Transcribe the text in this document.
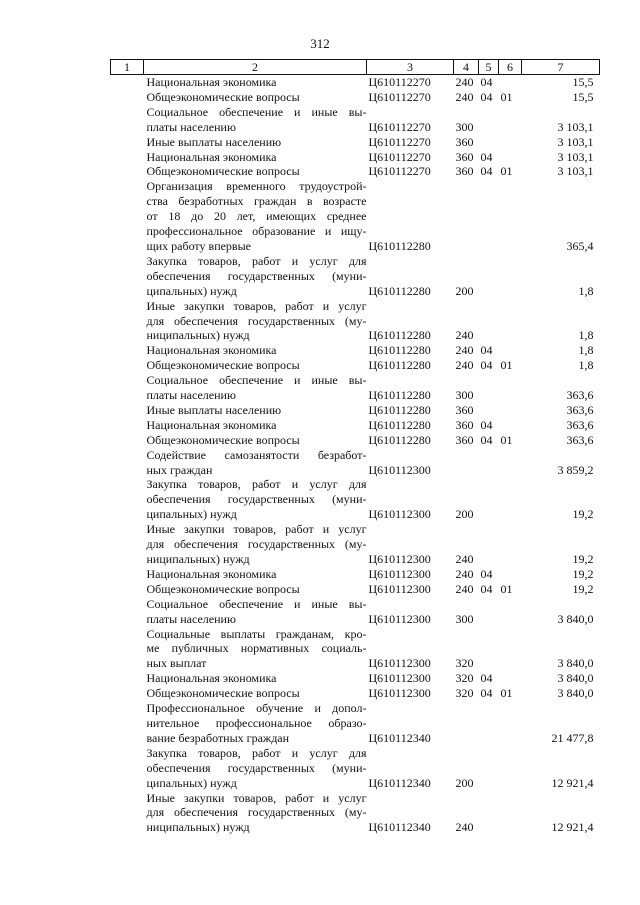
312
1	2	3	4	5	6	7

	Национальная экономика	Ц610112270	240	04		15,5

	Общеэкономические вопросы	Ц610112270	240	04	01	15,5

	Социальное обеспечение и иные вы-
платы населению	Ц610112270	300			3 103,1

	Иные выплаты населению	Ц610112270	360			3 103,1

	Национальная экономика	Ц610112270	360	04		3 103,1

	Общеэкономические вопросы	Ц610112270	360	04	01	3 103,1

	Организация временного трудоустрой-
ства безработных граждан в возрасте
от 18 до 20 лет, имеющих среднее
профессиональное образование и ищу-
щих работу впервые	Ц610112280				365,4

	Закупка товаров, работ и услуг для
обеспечения государственных (муни-
ципальных) нужд	Ц610112280	200			1,8

	Иные закупки товаров, работ и услуг
для обеспечения государственных (му-
ниципальных) нужд	Ц610112280	240			1,8

	Национальная экономика	Ц610112280	240	04		1,8

	Общеэкономические вопросы	Ц610112280	240	04	01	1,8

	Социальное обеспечение и иные вы-
платы населению	Ц610112280	300			363,6

	Иные выплаты населению	Ц610112280	360			363,6

	Национальная экономика	Ц610112280	360	04		363,6

	Общеэкономические вопросы	Ц610112280	360	04	01	363,6

	Содействие самозанятости безработ-
ных граждан	Ц610112300				3 859,2

	Закупка товаров, работ и услуг для
обеспечения государственных (муни-
ципальных) нужд	Ц610112300	200			19,2

	Иные закупки товаров, работ и услуг
для обеспечения государственных (му-
ниципальных) нужд	Ц610112300	240			19,2

	Национальная экономика	Ц610112300	240	04		19,2

	Общеэкономические вопросы	Ц610112300	240	04	01	19,2

	Социальное обеспечение и иные вы-
платы населению	Ц610112300	300			3 840,0

	Социальные выплаты гражданам, кро-
ме публичных нормативных социаль-
ных выплат	Ц610112300	320			3 840,0

	Национальная экономика	Ц610112300	320	04		3 840,0

	Общеэкономические вопросы	Ц610112300	320	04	01	3 840,0

	Профессиональное обучение и допол-
нительное профессиональное образо-
вание безработных граждан	Ц610112340				21 477,8

	Закупка товаров, работ и услуг для
обеспечения государственных (муни-
ципальных) нужд	Ц610112340	200			12 921,4

	Иные закупки товаров, работ и услуг
для обеспечения государственных (му-
ниципальных) нужд	Ц610112340	240			12 921,4
